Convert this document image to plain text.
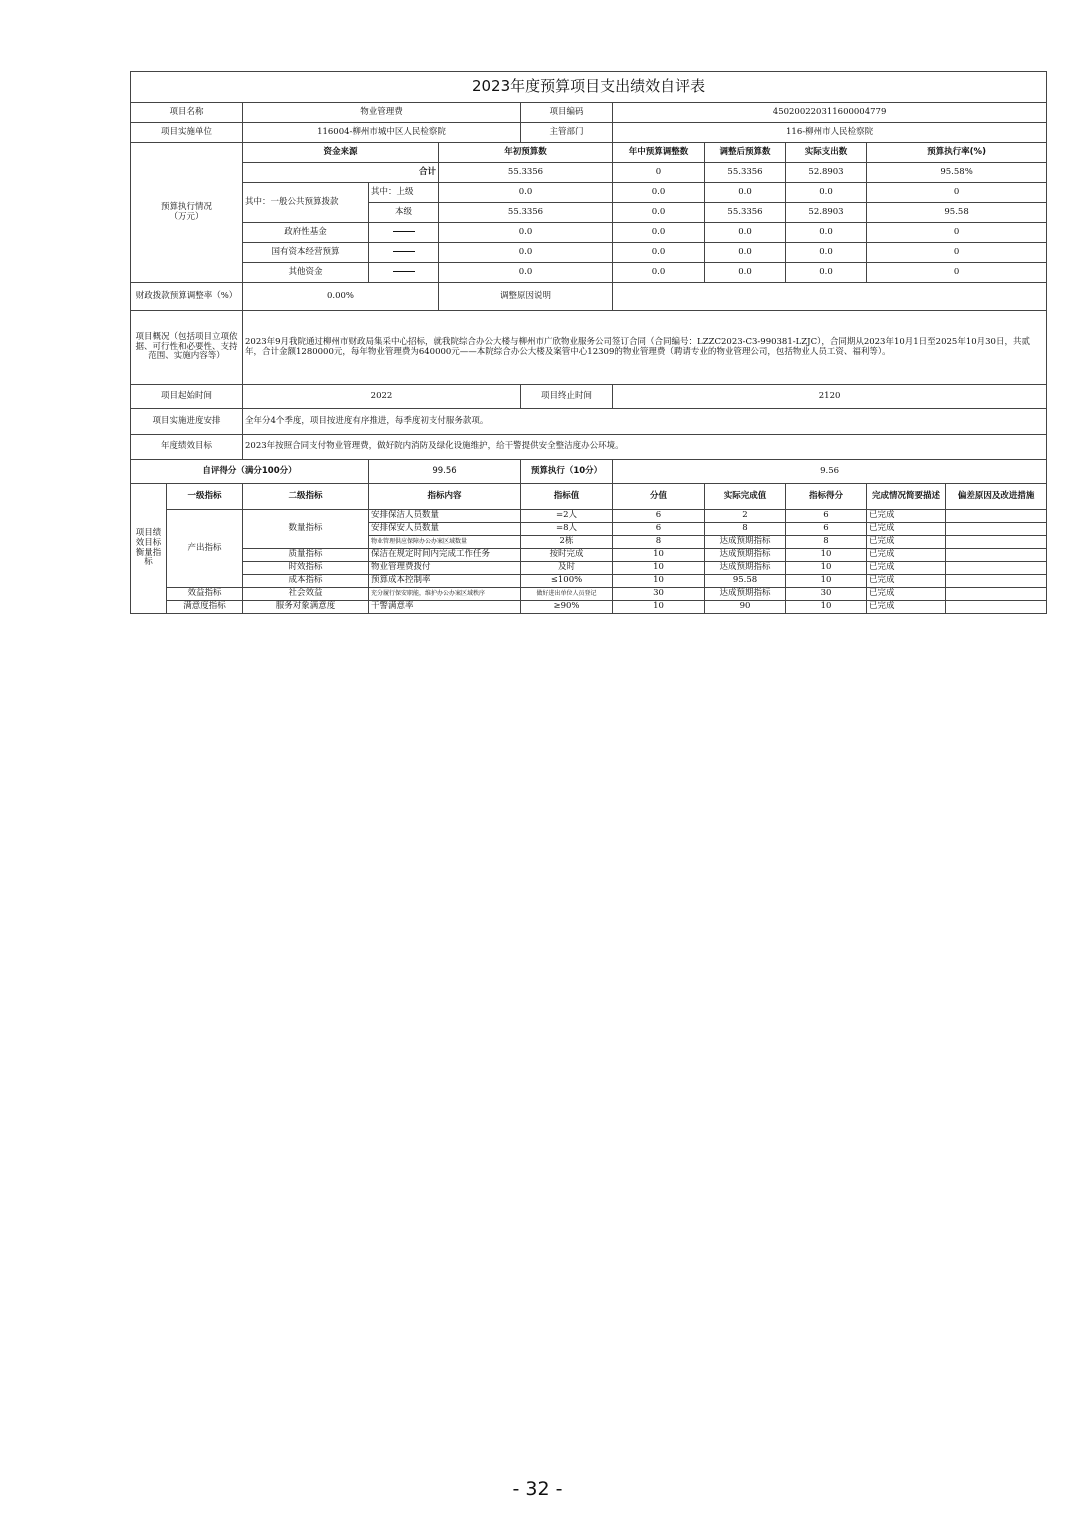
2023年度预算项目支出绩效自评表										
项目名称		物业管理费			项目编码	450200220311600004779				
项目实施单位		116004-柳州市城中区人民检察院			主管部门	116-柳州市人民检察院				
预算执行情况
（万元）		资金来源		年初预算数		年中预算调整数	调整后预算数	实际支出数	预算执行率(%)	
		合计		55.3356		0	55.3356	52.8903	95.58%	
		其中：一般公共预算拨款	其中：上级	0.0		0.0	0.0	0.0	0	
			本级	55.3356		0.0	55.3356	52.8903	95.58	
		政府性基金		0.0		0.0	0.0	0.0	0	
		国有资本经营预算		0.0		0.0	0.0	0.0	0	
		其他资金		0.0		0.0	0.0	0.0	0	
财政拨款预算调整率（%）		0.00%		调整原因说明						
项目概况（包括项目立项依据、可行性和必要性、支持范围、实施内容等）		2023年9月我院通过柳州市财政局集采中心招标，就我院综合办公大楼与柳州市广欣物业服务公司签订合同（合同编号：LZZC2023-C3-990381-LZJC），合同期从2023年10月1日至2025年10月30日，共贰年，合计金额1280000元，每年物业管理费为640000元——本院综合办公大楼及案管中心12309的物业管理费（聘请专业的物业管理公司，包括物业人员工资、福利等）。								
项目起始时间		2022			项目终止时间	2120				
项目实施进度安排		全年分4个季度，项目按进度有序推进，每季度初支付服务款项。								
年度绩效目标		2023年按照合同支付物业管理费，做好院内消防及绿化设施维护，给干警提供安全整洁度办公环境。								
自评得分（满分100分）			99.56		预算执行（10分）	9.56				
项目绩效目标衡量指标	一级指标	二级指标	指标内容		指标值	分值	实际完成值	指标得分	完成情况简要描述	偏差原因及改进措施
	产出指标	数量指标	安排保洁人员数量		=2人	6	2	6	已完成	
			安排保安人员数量		=8人	6	8	6	已完成	
			物业管理供应保障办公办案区域数量		2栋	8	达成预期指标	8	已完成	
		质量指标	保洁在规定时间内完成工作任务		按时完成	10	达成预期指标	10	已完成	
		时效指标	物业管理费拨付		及时	10	达成预期指标	10	已完成	
		成本指标	预算成本控制率		≤100%	10	95.58	10	已完成	
	效益指标	社会效益	充分履行保安职能，维护办公办案区域秩序		做好进出单位人员登记	30	达成预期指标	30	已完成	
	满意度指标	服务对象满意度	干警满意率		≥90%	10	90	10	已完成	
- 32 -
